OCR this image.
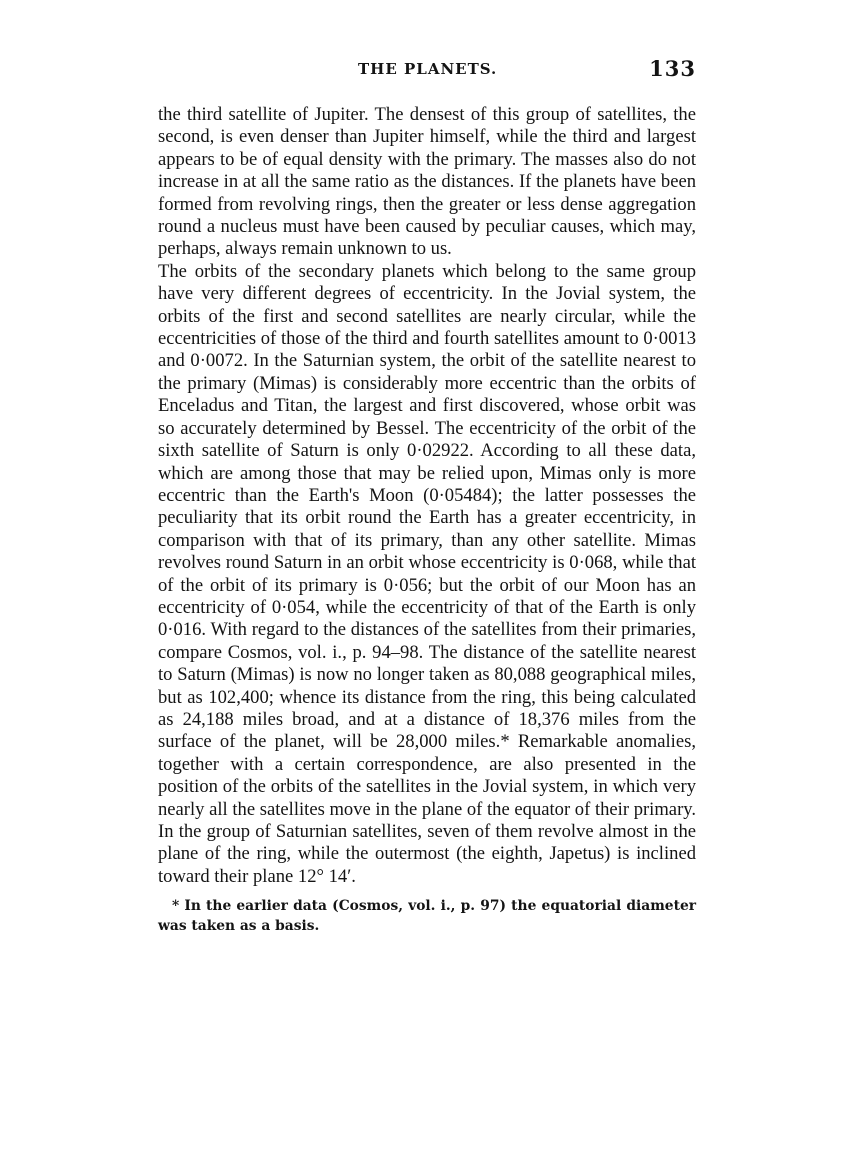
THE PLANETS.	133

the third satellite of Jupiter. The densest of this group of satellites, the second, is even denser than Jupiter himself, while the third and largest appears to be of equal density with the primary. The masses also do not increase in at all the same ratio as the distances. If the planets have been formed from revolving rings, then the greater or less dense aggregation round a nucleus must have been caused by peculiar causes, which may, perhaps, always remain unknown to us.

The orbits of the secondary planets which belong to the same group have very different degrees of eccentricity. In the Jovial system, the orbits of the first and second satellites are nearly circular, while the eccentricities of those of the third and fourth satellites amount to 0·0013 and 0·0072. In the Saturnian system, the orbit of the satellite nearest to the primary (Mimas) is considerably more eccentric than the orbits of Enceladus and Titan, the largest and first discovered, whose orbit was so accurately determined by Bessel. The eccentricity of the orbit of the sixth satellite of Saturn is only 0·02922. According to all these data, which are among those that may be relied upon, Mimas only is more eccentric than the Earth's Moon (0·05484); the latter possesses the peculiarity that its orbit round the Earth has a greater eccentricity, in comparison with that of its primary, than any other satellite. Mimas revolves round Saturn in an orbit whose eccentricity is 0·068, while that of the orbit of its primary is 0·056; but the orbit of our Moon has an eccentricity of 0·054, while the eccentricity of that of the Earth is only 0·016. With regard to the distances of the satellites from their primaries, compare Cosmos, vol. i., p. 94–98. The distance of the satellite nearest to Saturn (Mimas) is now no longer taken as 80,088 geographical miles, but as 102,400; whence its distance from the ring, this being calculated as 24,188 miles broad, and at a distance of 18,376 miles from the surface of the planet, will be 28,000 miles.* Remarkable anomalies, together with a certain correspondence, are also presented in the position of the orbits of the satellites in the Jovial system, in which very nearly all the satellites move in the plane of the equator of their primary. In the group of Saturnian satellites, seven of them revolve almost in the plane of the ring, while the outermost (the eighth, Japetus) is inclined toward their plane 12° 14′.

* In the earlier data (Cosmos, vol. i., p. 97) the equatorial diameter was taken as a basis.
